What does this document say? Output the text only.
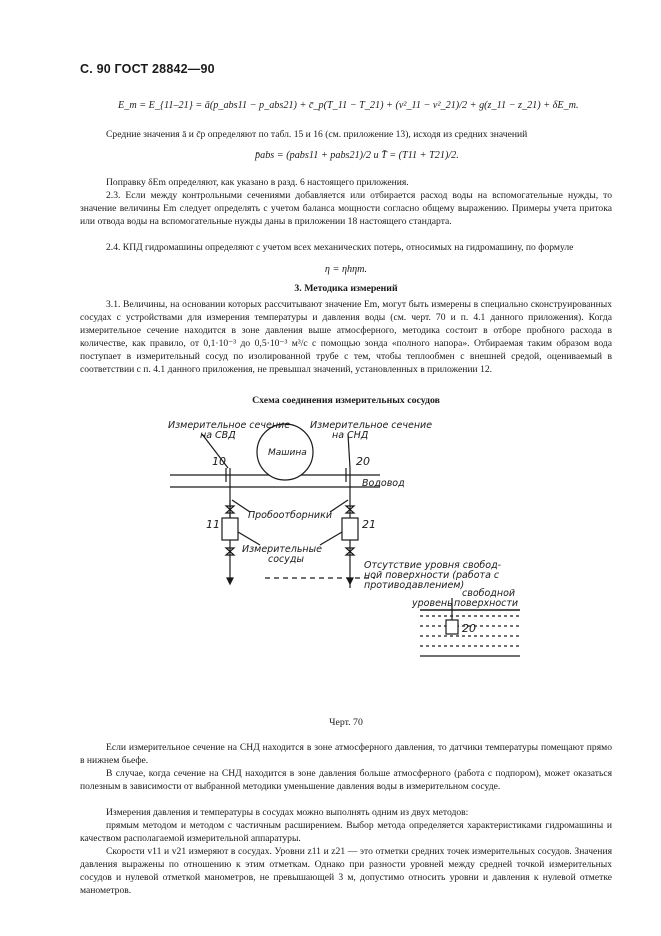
С. 90 ГОСТ 28842—90
E_m = E_{11–21} = ā(p_abs11 − p_abs21) + c̄_p(T_11 − T_21) + (v²_11 − v²_21)/2 + g(z_11 − z_21) + δE_m.
Средние значения ā и c̄p определяют по табл. 15 и 16 (см. приложение 13), исходя из средних значений
p̄abs = (pabs11 + pabs21)/2 и T̄ = (T11 + T21)/2.
Поправку δEm определяют, как указано в разд. 6 настоящего приложения.
2.3. Если между контрольными сечениями добавляется или отбирается расход воды на вспомогательные нужды, то значение величины Em следует определять с учетом баланса мощности согласно общему выражению. Примеры учета притока или отвода воды на вспомогательные нужды даны в приложении 18 настоящего стандарта.
2.4. КПД гидромашины определяют с учетом всех механических потерь, относимых на гидромашину, по формуле
η = ηhηm.
3. Методика измерений
3.1. Величины, на основании которых рассчитывают значение Em, могут быть измерены в специально сконструированных сосудах с устройствами для измерения температуры и давления воды (см. черт. 70 и п. 4.1 данного приложения). Когда измерительное сечение находится в зоне давления выше атмосферного, методика состоит в отборе пробного расхода в количестве, как правило, от 0,1·10⁻³ до 0,5·10⁻³ м³/с с помощью зонда «полного напора». Отбираемая таким образом вода поступает в измерительный сосуд по изолированной трубе с тем, чтобы теплообмен с внешней средой, оцениваемый в соответствии с п. 4.1 данного приложения, не превышал значений, установленных в приложении 12.
Схема соединения измерительных сосудов
Измерительное сечение
на СВД
Измерительное сечение
на СНД
Машина
10	20
Водовод
11	21
Пробоотборники
Измерительные
сосуды
Отсутствие уровня свобод-
ной поверхности (работа с
противодавлением)
уровень
свободной
поверхности
20
Черт. 70
Если измерительное сечение на СНД находится в зоне атмосферного давления, то датчики температуры помещают прямо в нижнем бьефе.
В случае, когда сечение на СНД находится в зоне давления больше атмосферного (работа с подпором), может оказаться полезным в зависимости от выбранной методики уменьшение давления воды в измерительном сосуде.
Измерения давления и температуры в сосудах можно выполнять одним из двух методов:
прямым методом и методом с частичным расширением. Выбор метода определяется характеристиками гидромашины и качеством располагаемой измерительной аппаратуры.
Скорости v11 и v21 измеряют в сосудах. Уровни z11 и z21 — это отметки средних точек измерительных сосудов. Значения давления выражены по отношению к этим отметкам. Однако при разности уровней между средней точкой измерительных сосудов и нулевой отметкой манометров, не превышающей 3 м, допустимо относить уровни и давления к нулевой отметке манометров.
